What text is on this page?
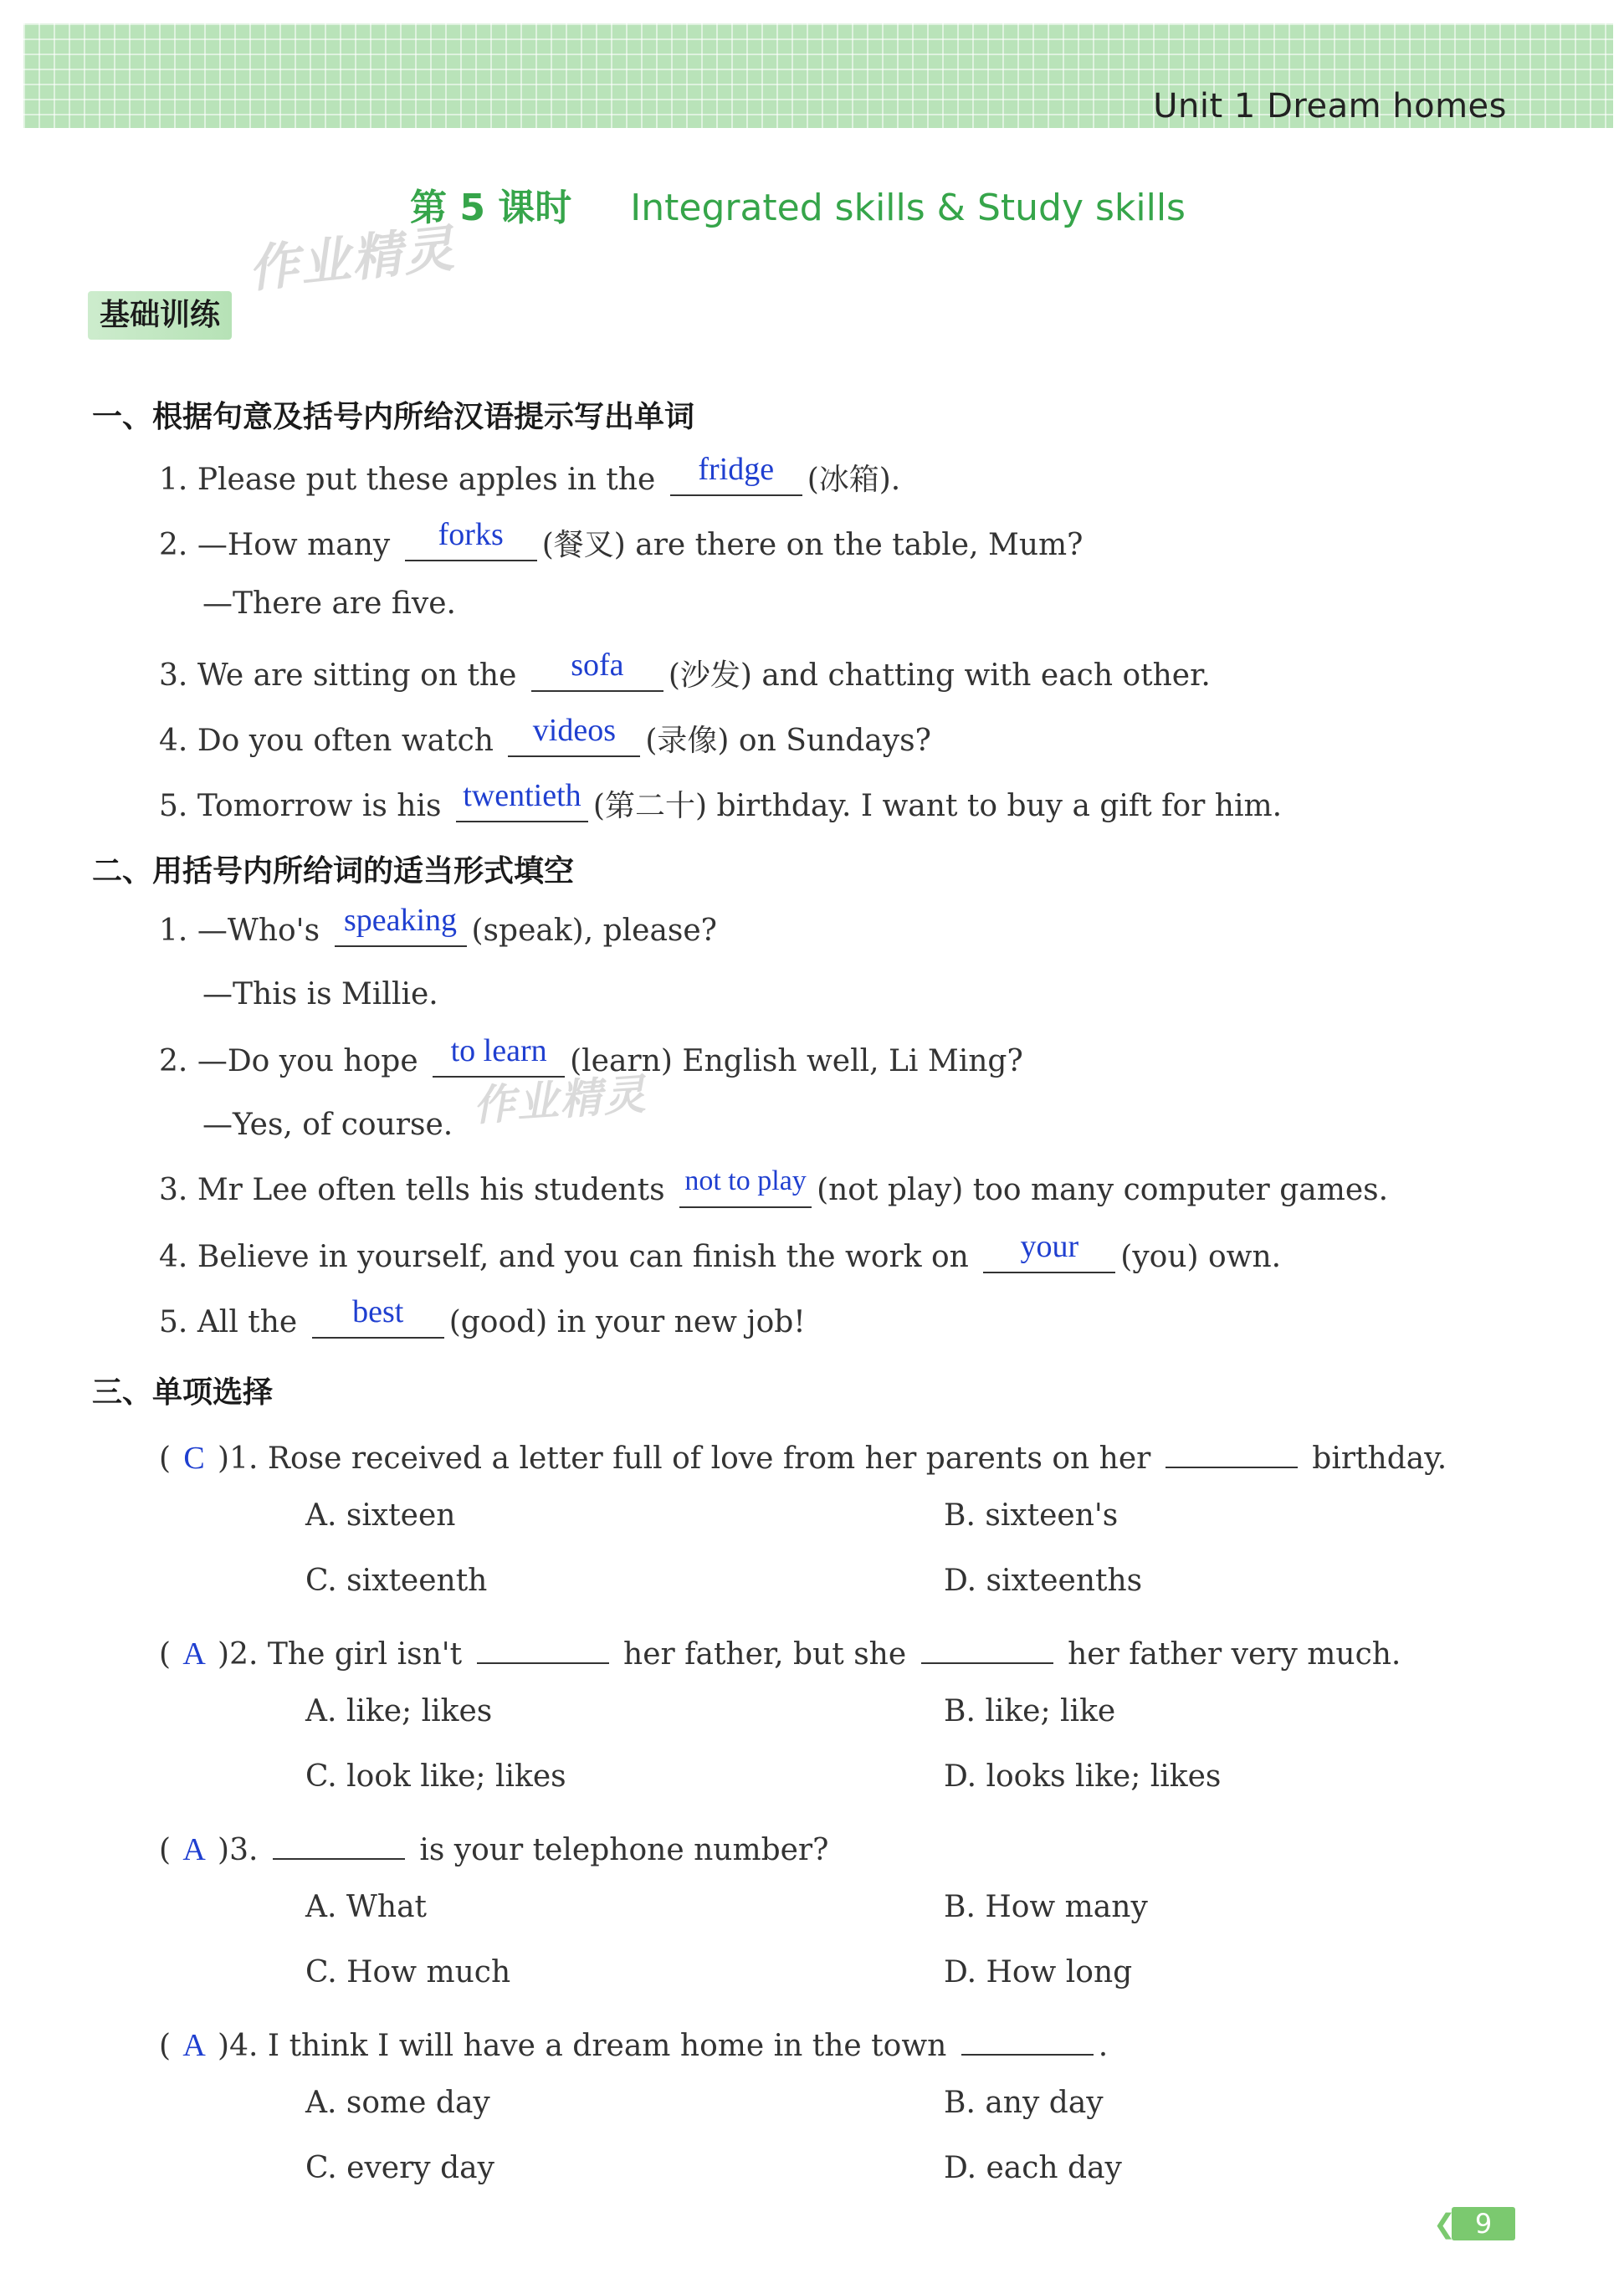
Unit 1 Dream homes
第 5 课时 Integrated skills & Study skills
作业精灵
作业精灵
基础训练
一、根据句意及括号内所给汉语提示写出单词
1. Please put these apples in the fridge (冰箱).
2. —How many forks (餐叉) are there on the table, Mum?
—There are five.
3. We are sitting on the sofa (沙发) and chatting with each other.
4. Do you often watch videos (录像) on Sundays?
5. Tomorrow is his twentieth (第二十) birthday. I want to buy a gift for him.
二、用括号内所给词的适当形式填空
1. —Who's speaking (speak), please?
—This is Millie.
2. —Do you hope to learn (learn) English well, Li Ming?
—Yes, of course.
3. Mr Lee often tells his students not to play (not play) too many computer games.
4. Believe in yourself, and you can finish the work on your (you) own.
5. All the best (good) in your new job!
三、单项选择
( C )1. Rose received a letter full of love from her parents on her	birthday.
A. sixteen	B. sixteen's
C. sixteenth	D. sixteenths
( A )2. The girl isn't	her father, but she	her father very much.
A. like; likes	B. like; like
C. look like; likes	D. looks like; likes
( A )3.	is your telephone number?
A. What	B. How many
C. How much	D. How long
( A )4. I think I will have a dream home in the town	.
A. some day	B. any day
C. every day	D. each day
❮ 9
